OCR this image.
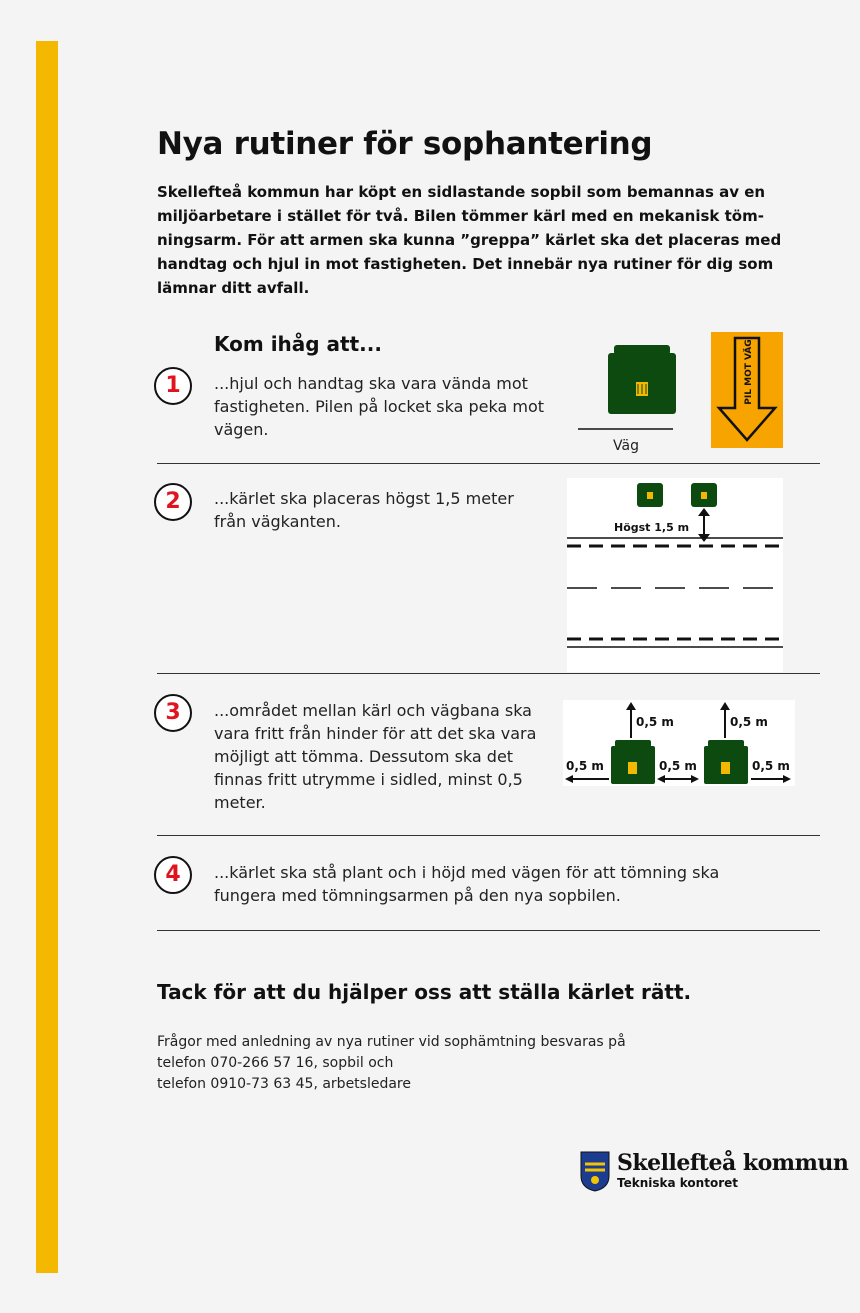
Nya rutiner för sophantering

Skellefteå kommun har köpt en sidlastande sopbil som bemannas av en miljöarbetare i stället för två. Bilen tömmer kärl med en mekanisk töm-ningsarm. För att armen ska kunna ”greppa” kärlet ska det placeras med handtag och hjul in mot fastigheten. Det innebär nya rutiner för dig som lämnar ditt avfall.

Kom ihåg att...
1	...hjul och handtag ska vara vända mot fastigheten. Pilen på locket ska peka mot vägen.

Väg
PIL MOT VÄG
2	...kärlet ska placeras högst 1,5 meter från vägkanten.	Högst 1,5 m
3	...området mellan kärl och vägbana ska vara fritt från hinder för att det ska vara möjligt att tömma. Dessutom ska det finnas fritt utrymme i sidled, minst 0,5 meter.

0,5 m	0,5 m
0,5 m	0,5 m	0,5 m
4	...kärlet ska stå plant och i höjd med vägen för att tömning ska fungera med tömningsarmen på den nya sopbilen.

Tack för att du hjälper oss att ställa kärlet rätt.

Frågor med anledning av nya rutiner vid sophämtning besvaras på
telefon 070-266 57 16, sopbil och
telefon 0910-73 63 45, arbetsledare

Skellefteå kommun
Tekniska kontoret
